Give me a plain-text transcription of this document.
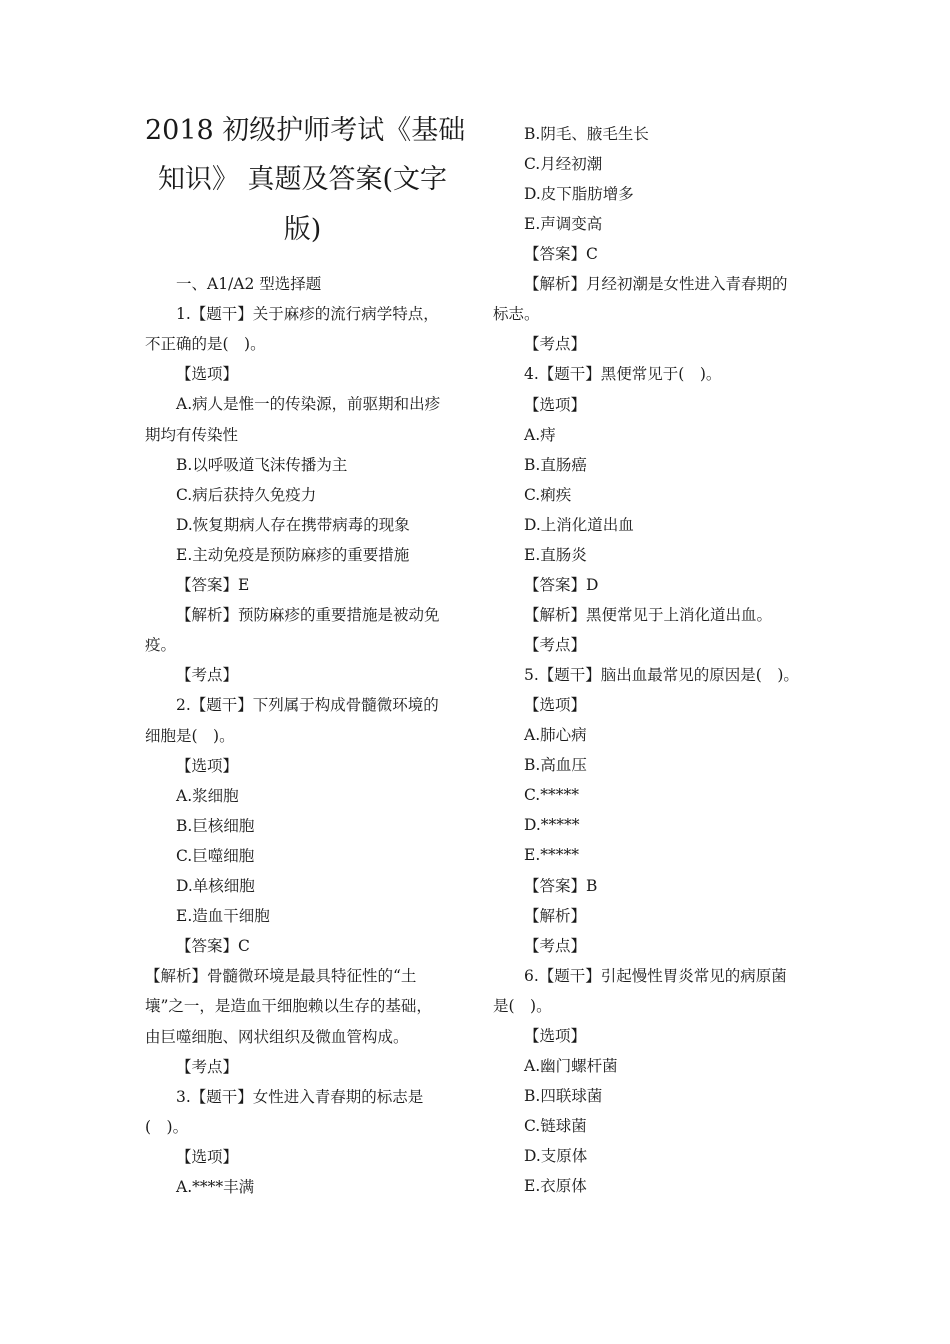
2018 初级护师考试《基础
知识》 真题及答案(文字
版)
一、A1/A2 型选择题
1.【题干】关于麻疹的流行病学特点，
不正确的是(　)。
【选项】
A.病人是惟一的传染源，前驱期和出疹
期均有传染性
B.以呼吸道飞沫传播为主
C.病后获持久免疫力
D.恢复期病人存在携带病毒的现象
E.主动免疫是预防麻疹的重要措施
【答案】E
【解析】预防麻疹的重要措施是被动免
疫。
【考点】
2.【题干】下列属于构成骨髓微环境的
细胞是(　)。
【选项】
A.浆细胞
B.巨核细胞
C.巨噬细胞
D.单核细胞
E.造血干细胞
【答案】C
【解析】骨髓微环境是最具特征性的“土
壤”之一，是造血干细胞赖以生存的基础，
由巨噬细胞、网状组织及微血管构成。
【考点】
3.【题干】女性进入青春期的标志是
(　)。
【选项】
A.****丰满
B.阴毛、腋毛生长
C.月经初潮
D.皮下脂肪增多
E.声调变高
【答案】C
【解析】月经初潮是女性进入青春期的
标志。
【考点】
4.【题干】黑便常见于(　)。
【选项】
A.痔
B.直肠癌
C.痢疾
D.上消化道出血
E.直肠炎
【答案】D
【解析】黑便常见于上消化道出血。
【考点】
5.【题干】脑出血最常见的原因是(　)。
【选项】
A.肺心病
B.高血压
C.*****
D.*****
E.*****
【答案】B
【解析】
【考点】
6.【题干】引起慢性胃炎常见的病原菌
是(　)。
【选项】
A.幽门螺杆菌
B.四联球菌
C.链球菌
D.支原体
E.衣原体
